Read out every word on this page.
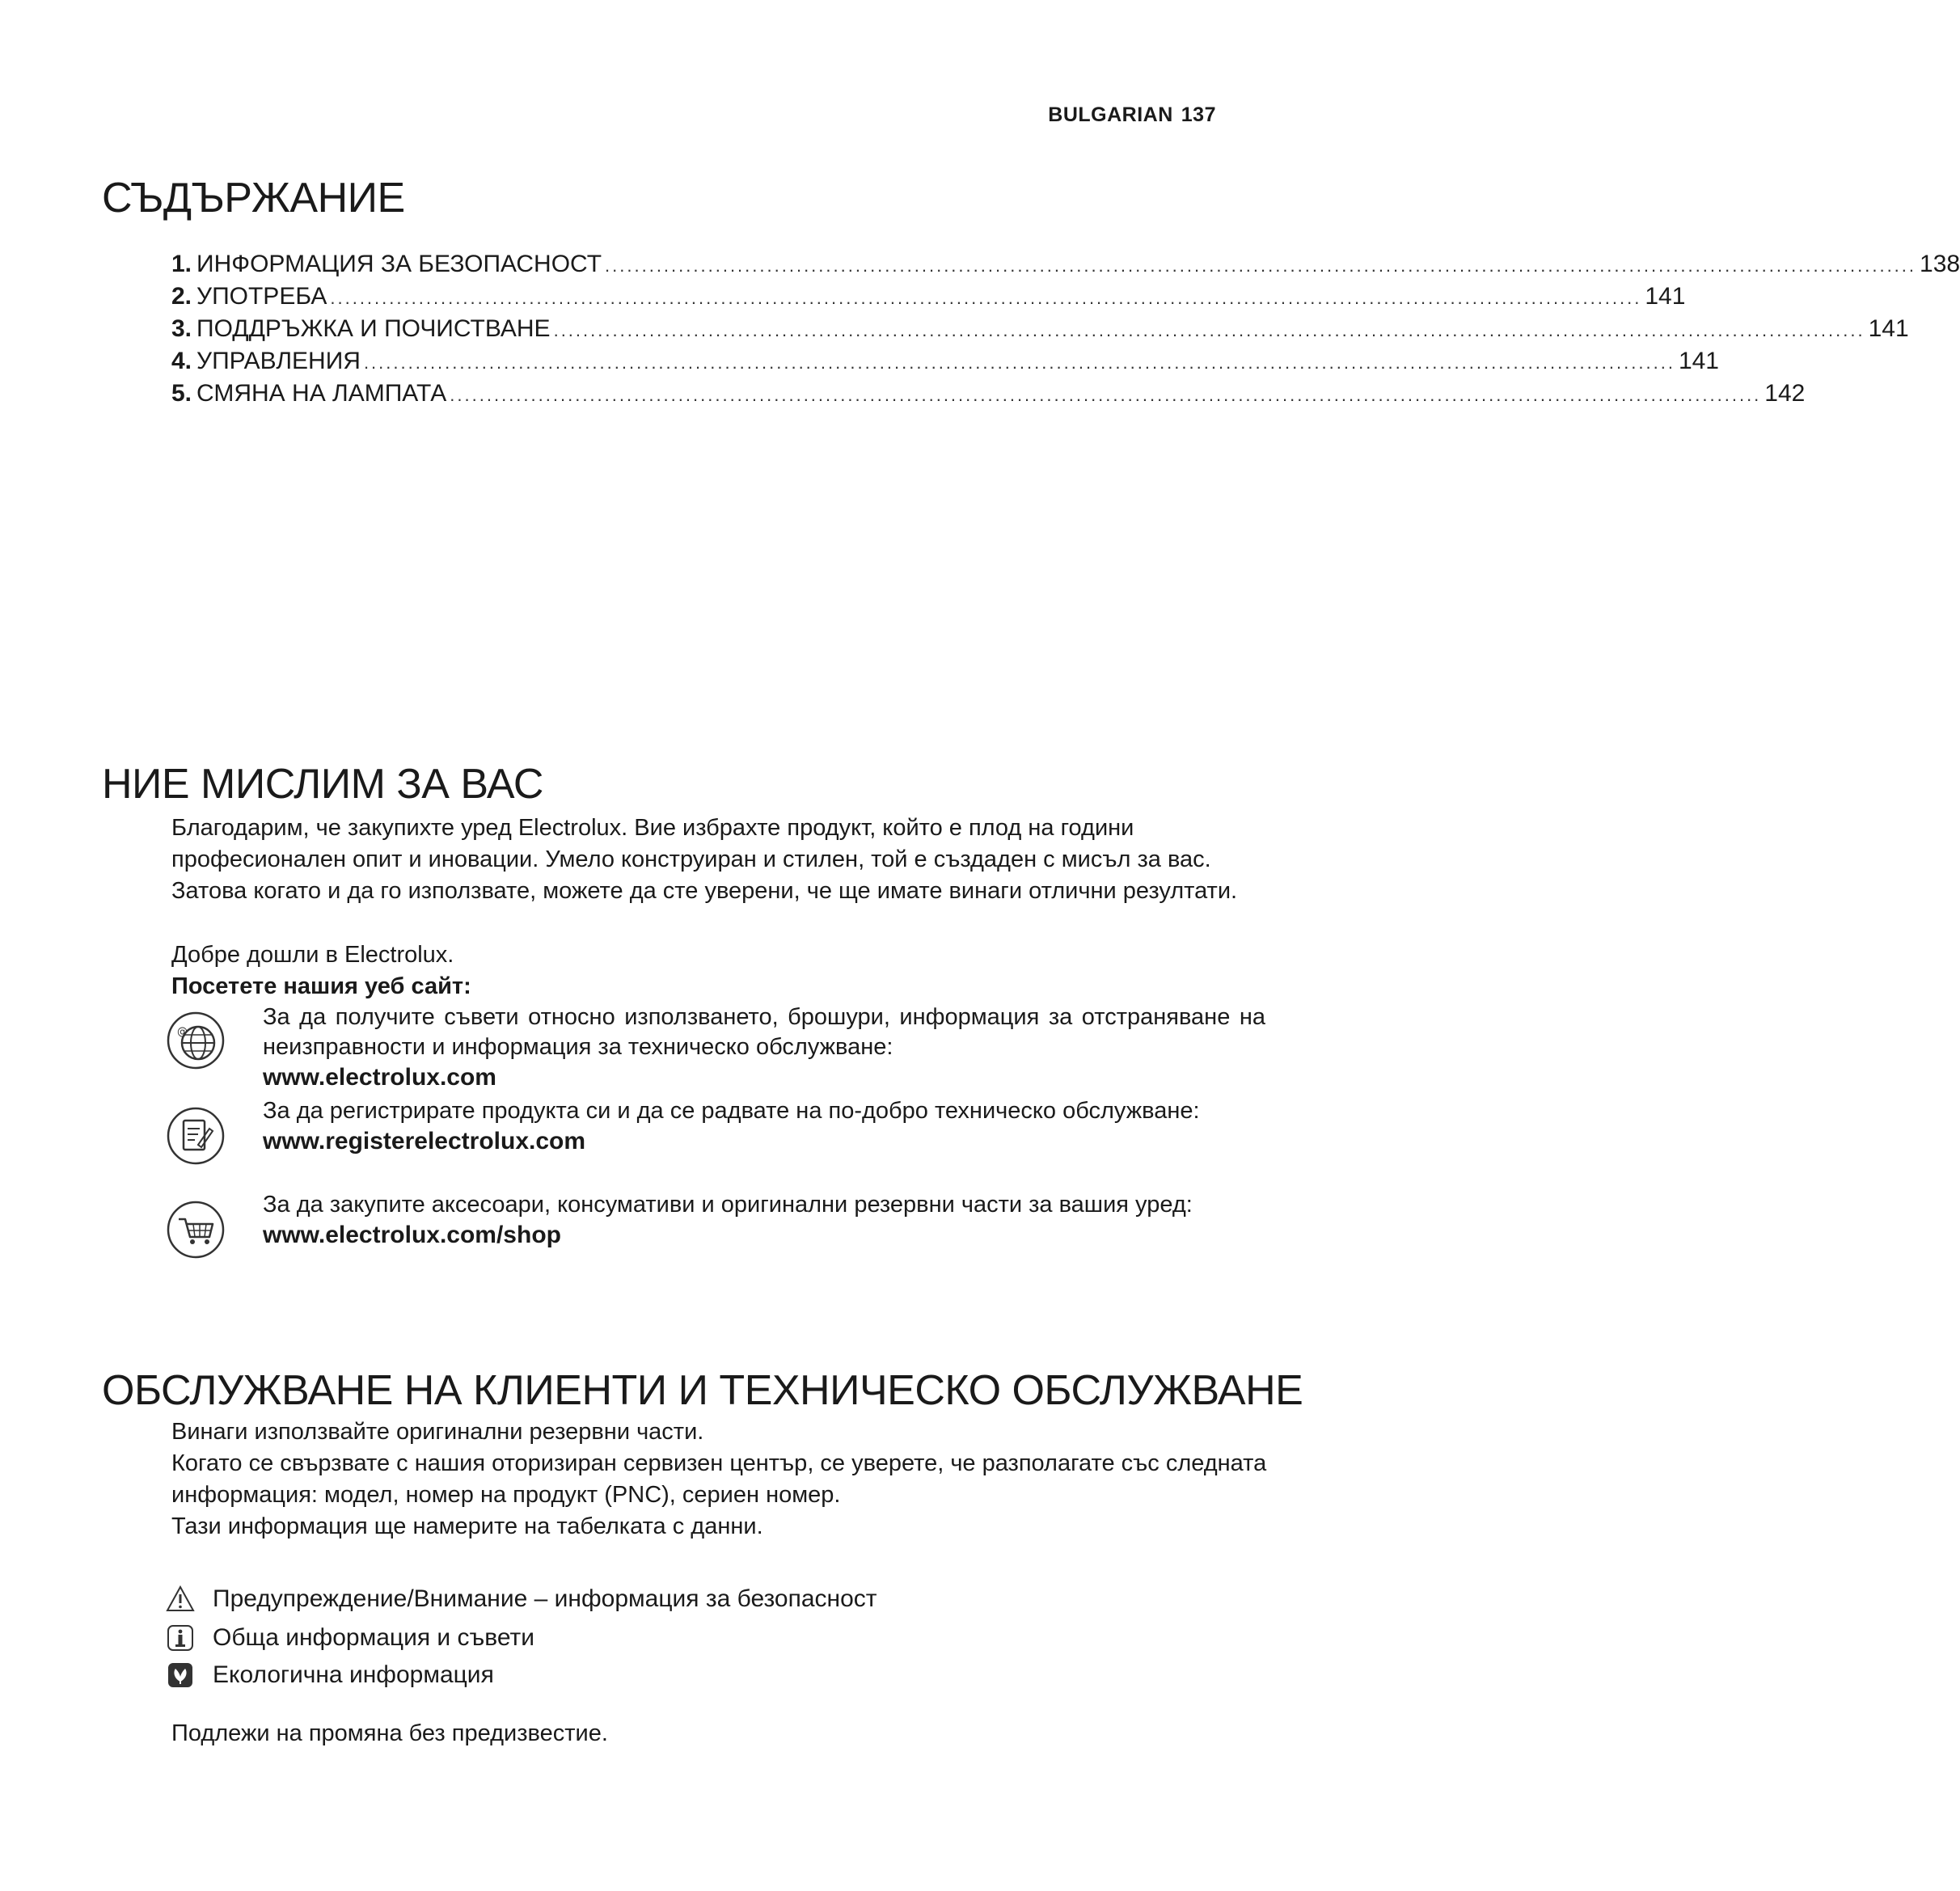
BULGARIAN 137
СЪДЪРЖАНИЕ
1. ИНФОРМАЦИЯ ЗА БЕЗОПАСНОСТ .................................................................................................................................................................................. 138
2. УПОТРЕБА .................................................................................................................................................................................. 141
3. ПОДДРЪЖКА И ПОЧИСТВАНЕ .................................................................................................................................................................................. 141
4. УПРАВЛЕНИЯ .................................................................................................................................................................................. 141
5. СМЯНА НА ЛАМПАТА .................................................................................................................................................................................. 142
НИЕ МИСЛИМ ЗА ВАС

Благодарим, че закупихте уред Electrolux. Вие избрахте продукт, който е плод на години професионален опит и иновации. Умело конструиран и стилен, той е създаден с мисъл за вас. Затова когато и да го използвате, можете да сте уверени, че ще имате винаги отлични резултати.

Добре дошли в Electrolux.

Посетете нашия уеб сайт:

@
За да получите съвети относно използването, брошури, информация за отстраняване на неизправности и информация за техническо обслужване:
www.electrolux.com
За да регистрирате продукта си и да се радвате на по-добро техническо обслужване:
www.registerelectrolux.com
За да закупите аксесоари, консумативи и оригинални резервни части за вашия уред:
www.electrolux.com/shop
ОБСЛУЖВАНЕ НА КЛИЕНТИ И ТЕХНИЧЕСКО ОБСЛУЖВАНЕ

Винаги използвайте оригинални резервни части.

Когато се свързвате с нашия оторизиран сервизен център, се уверете, че разполагате със следната информация: модел, номер на продукт (PNC), сериен номер.

Тази информация ще намерите на табелката с данни.

Предупреждение/Внимание – информация за безопасност
Обща информация и съвети
Екологична информация

Подлежи на промяна без предизвестие.
